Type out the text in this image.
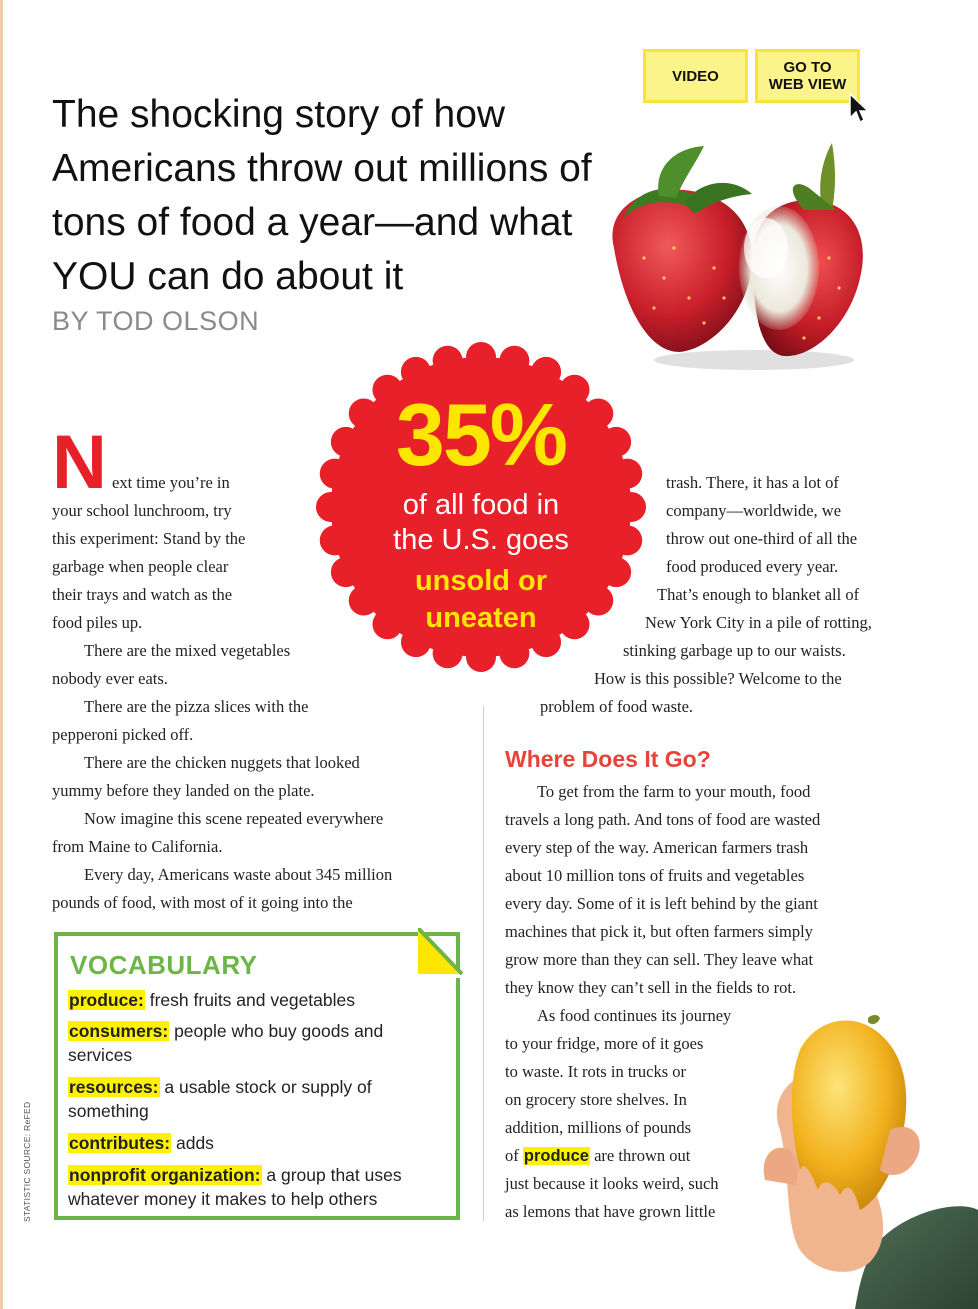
VIDEO	GO TO
WEB VIEW
The shocking story of how Americans throw out millions of tons of food a year—and what YOU can do about it
BY TOD OLSON
35%
of all food in
the U.S. goes
unsold or
uneaten
N ext time you’re in
your school lunchroom, try
this experiment: Stand by the
garbage when people clear
their trays and watch as the
food piles up.
There are the mixed vegetables
nobody ever eats.
There are the pizza slices with the
pepperoni picked off.
There are the chicken nuggets that looked
yummy before they landed on the plate.
Now imagine this scene repeated everywhere
from Maine to California.
Every day, Americans waste about 345 million
pounds of food, with most of it going into the
trash. There, it has a lot of
company—worldwide, we
throw out one-third of all the
food produced every year.
That’s enough to blanket all of
New York City in a pile of rotting,
stinking garbage up to our waists.
How is this possible? Welcome to the
problem of food waste.
Where Does It Go?
To get from the farm to your mouth, food
travels a long path. And tons of food are wasted
every step of the way. American farmers trash
about 10 million tons of fruits and vegetables
every day. Some of it is left behind by the giant
machines that pick it, but often farmers simply
grow more than they can sell. They leave what
they know they can’t sell in the fields to rot.
As food continues its journey
to your fridge, more of it goes
to waste. It rots in trucks or
on grocery store shelves. In
addition, millions of pounds
of produce are thrown out
just because it looks weird, such
as lemons that have grown little
VOCABULARY
produce: fresh fruits and vegetables
consumers: people who buy goods and
services
resources: a usable stock or supply of
something
contributes: adds
nonprofit organization: a group that uses
whatever money it makes to help others
STATISTIC SOURCE: ReFED
